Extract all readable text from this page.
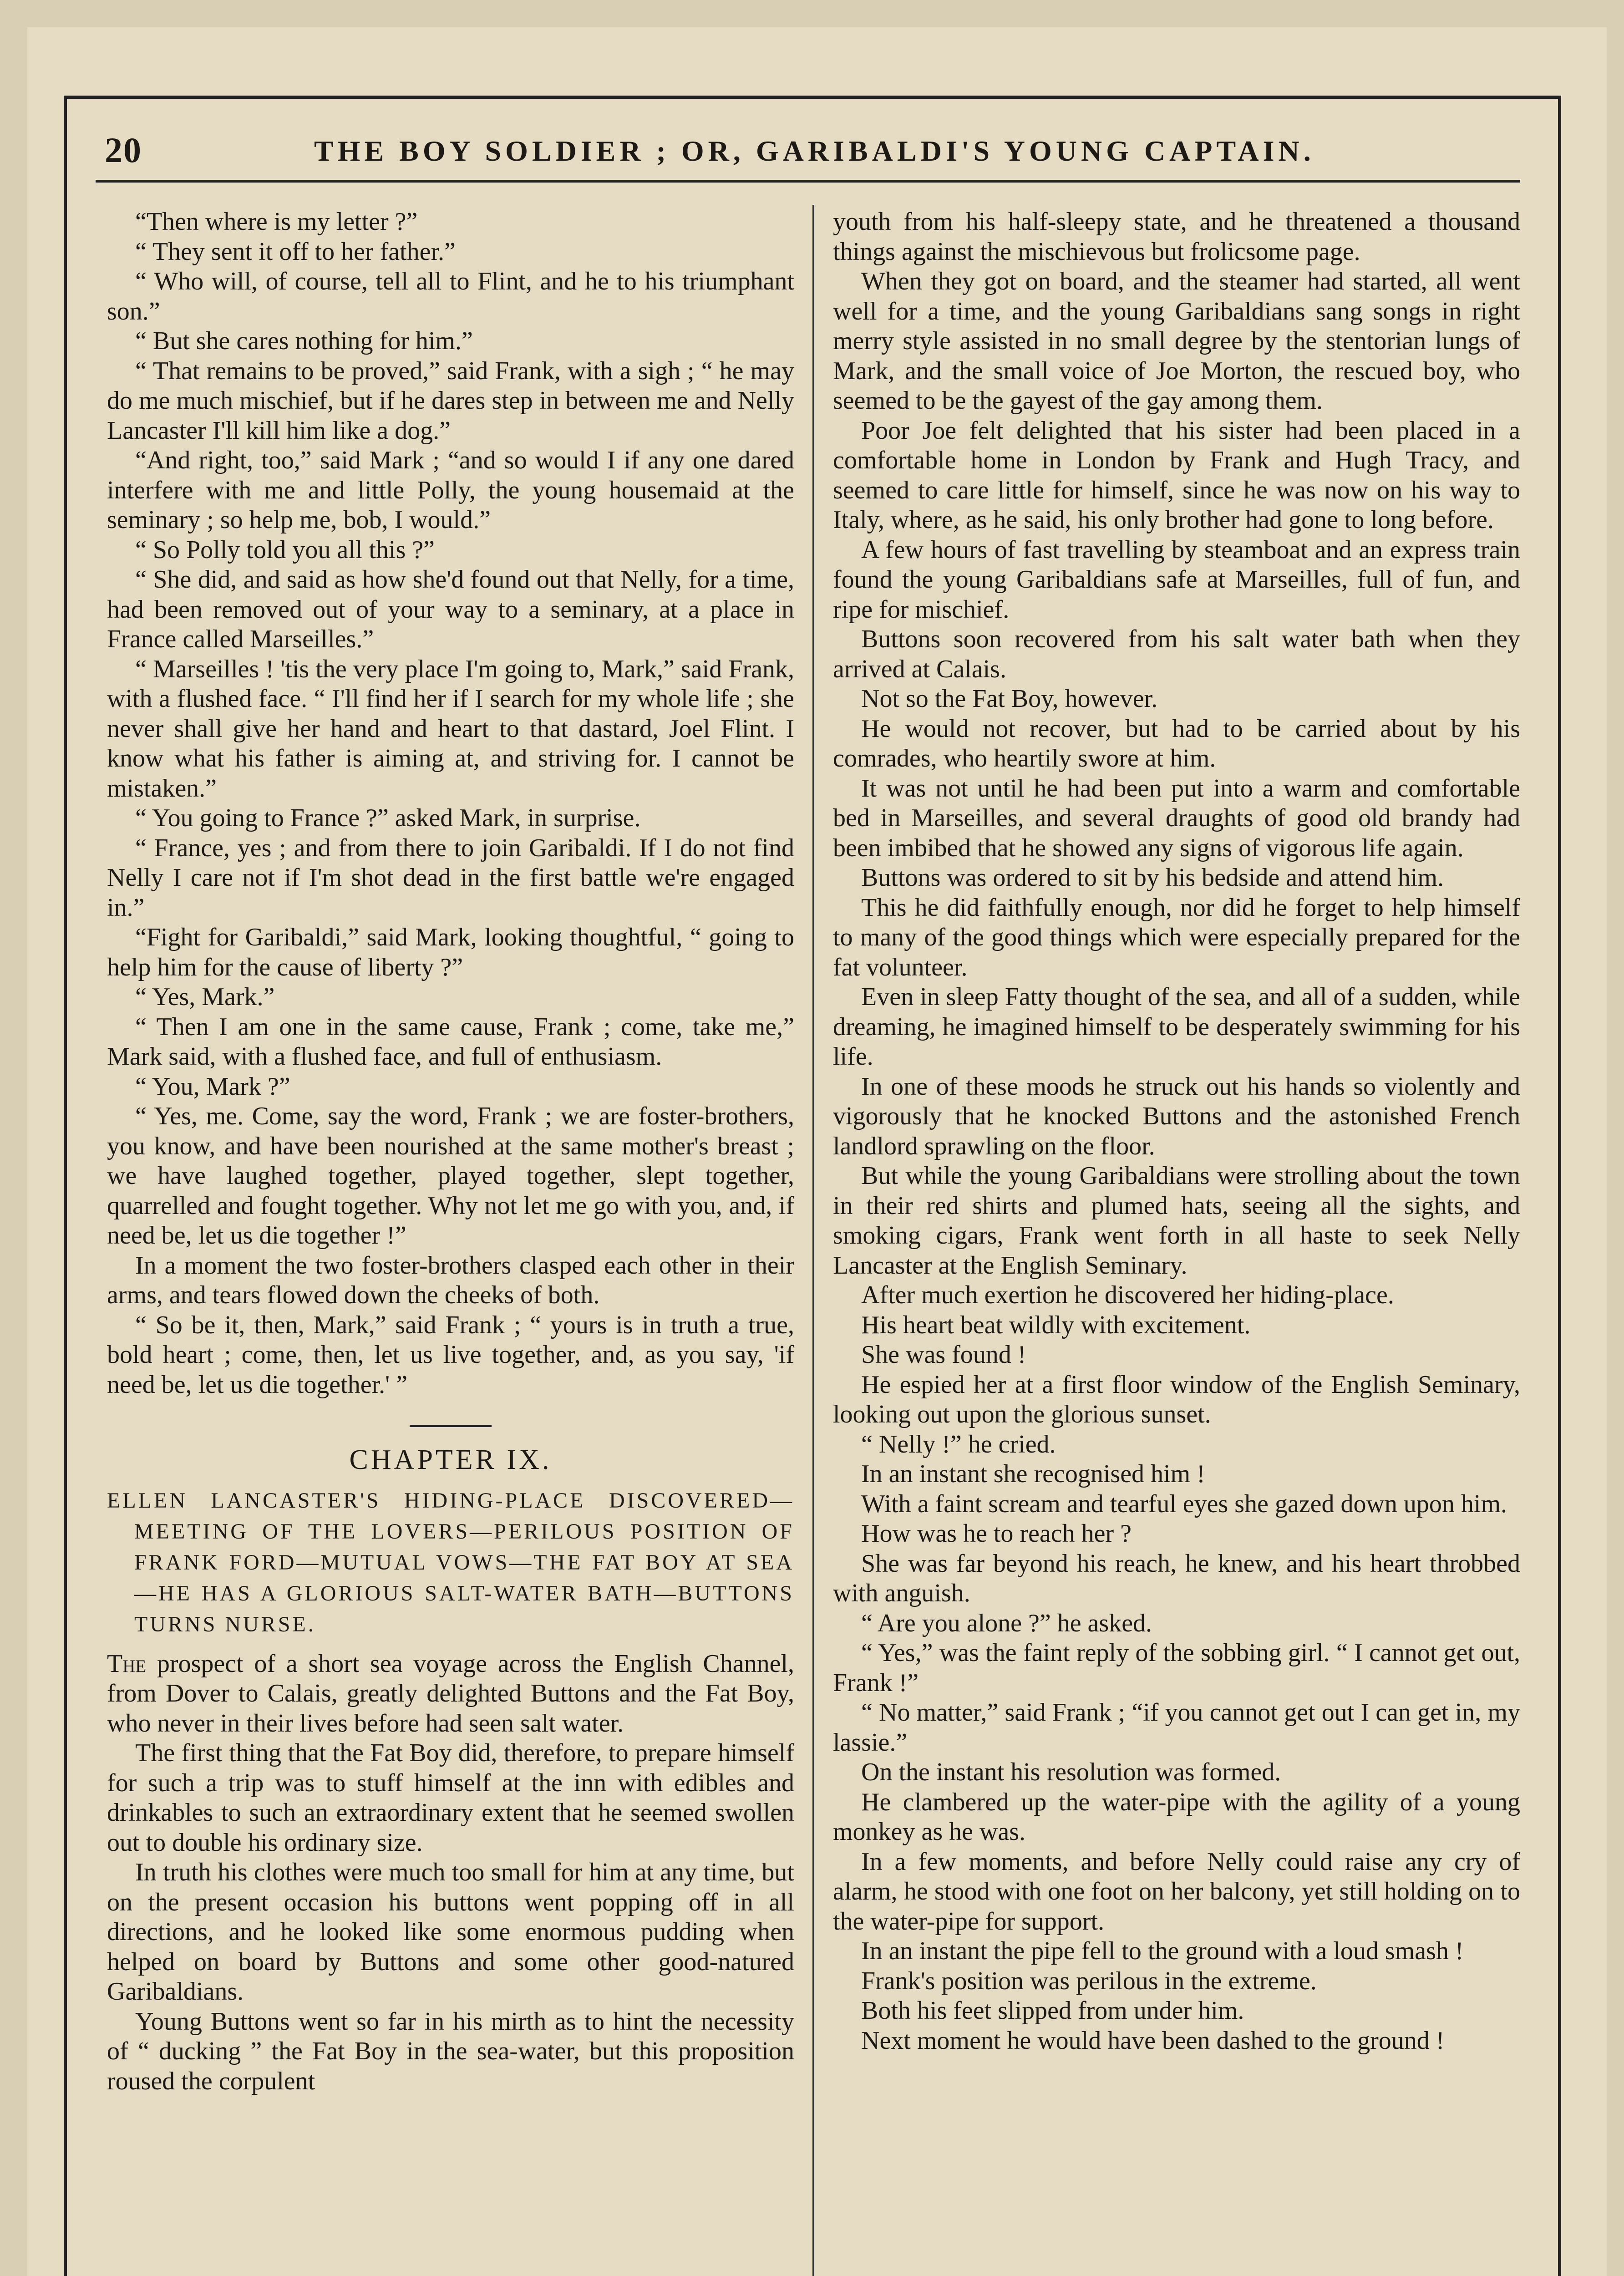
20	THE BOY SOLDIER ; OR, GARIBALDI'S YOUNG CAPTAIN.

“Then where is my letter ?”

“ They sent it off to her father.”

“ Who will, of course, tell all to Flint, and he to his triumphant son.”

“ But she cares nothing for him.”

“ That remains to be proved,” said Frank, with a sigh ; “ he may do me much mischief, but if he dares step in between me and Nelly Lancaster I'll kill him like a dog.”

“And right, too,” said Mark ; “and so would I if any one dared interfere with me and little Polly, the young housemaid at the seminary ; so help me, bob, I would.”

“ So Polly told you all this ?”

“ She did, and said as how she'd found out that Nelly, for a time, had been removed out of your way to a seminary, at a place in France called Marseilles.”

“ Marseilles ! 'tis the very place I'm going to, Mark,” said Frank, with a flushed face. “ I'll find her if I search for my whole life ; she never shall give her hand and heart to that dastard, Joel Flint. I know what his father is aiming at, and striving for. I cannot be mistaken.”

“ You going to France ?” asked Mark, in surprise.

“ France, yes ; and from there to join Garibaldi. If I do not find Nelly I care not if I'm shot dead in the first battle we're engaged in.”

“Fight for Garibaldi,” said Mark, looking thoughtful, “ going to help him for the cause of liberty ?”

“ Yes, Mark.”

“ Then I am one in the same cause, Frank ; come, take me,” Mark said, with a flushed face, and full of enthusiasm.

“ You, Mark ?”

“ Yes, me. Come, say the word, Frank ; we are foster-brothers, you know, and have been nourished at the same mother's breast ; we have laughed together, played together, slept together, quarrelled and fought together. Why not let me go with you, and, if need be, let us die together !”

In a moment the two foster-brothers clasped each other in their arms, and tears flowed down the cheeks of both.

“ So be it, then, Mark,” said Frank ; “ yours is in truth a true, bold heart ; come, then, let us live together, and, as you say, 'if need be, let us die together.' ”

CHAPTER IX.
ELLEN LANCASTER'S HIDING-PLACE DISCOVERED—MEETING OF THE LOVERS—PERILOUS POSITION OF FRANK FORD—MUTUAL VOWS—THE FAT BOY AT SEA—HE HAS A GLORIOUS SALT-WATER BATH—BUTTONS TURNS NURSE.

The prospect of a short sea voyage across the English Channel, from Dover to Calais, greatly delighted Buttons and the Fat Boy, who never in their lives before had seen salt water.

The first thing that the Fat Boy did, therefore, to prepare himself for such a trip was to stuff himself at the inn with edibles and drinkables to such an extraordinary extent that he seemed swollen out to double his ordinary size.

In truth his clothes were much too small for him at any time, but on the present occasion his buttons went popping off in all directions, and he looked like some enormous pudding when helped on board by Buttons and some other good-natured Garibaldians.

Young Buttons went so far in his mirth as to hint the necessity of “ ducking ” the Fat Boy in the sea-water, but this proposition roused the corpulent

youth from his half-sleepy state, and he threatened a thousand things against the mischievous but frolicsome page.

When they got on board, and the steamer had started, all went well for a time, and the young Garibaldians sang songs in right merry style assisted in no small degree by the stentorian lungs of Mark, and the small voice of Joe Morton, the rescued boy, who seemed to be the gayest of the gay among them.

Poor Joe felt delighted that his sister had been placed in a comfortable home in London by Frank and Hugh Tracy, and seemed to care little for himself, since he was now on his way to Italy, where, as he said, his only brother had gone to long before.

A few hours of fast travelling by steamboat and an express train found the young Garibaldians safe at Marseilles, full of fun, and ripe for mischief.

Buttons soon recovered from his salt water bath when they arrived at Calais.

Not so the Fat Boy, however.

He would not recover, but had to be carried about by his comrades, who heartily swore at him.

It was not until he had been put into a warm and comfortable bed in Marseilles, and several draughts of good old brandy had been imbibed that he showed any signs of vigorous life again.

Buttons was ordered to sit by his bedside and attend him.

This he did faithfully enough, nor did he forget to help himself to many of the good things which were especially prepared for the fat volunteer.

Even in sleep Fatty thought of the sea, and all of a sudden, while dreaming, he imagined himself to be desperately swimming for his life.

In one of these moods he struck out his hands so violently and vigorously that he knocked Buttons and the astonished French landlord sprawling on the floor.

But while the young Garibaldians were strolling about the town in their red shirts and plumed hats, seeing all the sights, and smoking cigars, Frank went forth in all haste to seek Nelly Lancaster at the English Seminary.

After much exertion he discovered her hiding-place.

His heart beat wildly with excitement.

She was found !

He espied her at a first floor window of the English Seminary, looking out upon the glorious sunset.

“ Nelly !” he cried.

In an instant she recognised him !

With a faint scream and tearful eyes she gazed down upon him.

How was he to reach her ?

She was far beyond his reach, he knew, and his heart throbbed with anguish.

“ Are you alone ?” he asked.

“ Yes,” was the faint reply of the sobbing girl. “ I cannot get out, Frank !”

“ No matter,” said Frank ; “if you cannot get out I can get in, my lassie.”

On the instant his resolution was formed.

He clambered up the water-pipe with the agility of a young monkey as he was.

In a few moments, and before Nelly could raise any cry of alarm, he stood with one foot on her balcony, yet still holding on to the water-pipe for support.

In an instant the pipe fell to the ground with a loud smash !

Frank's position was perilous in the extreme.

Both his feet slipped from under him.

Next moment he would have been dashed to the ground !
